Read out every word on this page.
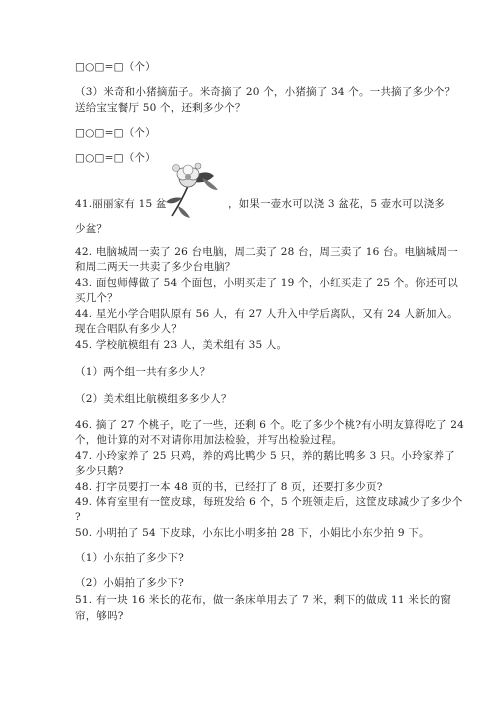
□○□=□（个）
（3）米奇和小猪摘茄子。米奇摘了 20 个，小猪摘了 34 个。一共摘了多少个？
送给宝宝餐厅 50 个，还剩多少个？
□○□=□（个）
□○□=□（个）
41.丽丽家有 15 盆	，如果一壶水可以浇 3 盆花，5 壶水可以浇多
少盆？
42. 电脑城周一卖了 26 台电脑，周二卖了 28 台，周三卖了 16 台。电脑城周一
和周二两天一共卖了多少台电脑？
43. 面包师傅做了 54 个面包，小明买走了 19 个，小红买走了 25 个。你还可以
买几个？
44. 星光小学合唱队原有 56 人，有 27 人升入中学后离队，又有 24 人新加入。
现在合唱队有多少人？
45. 学校航模组有 23 人，美术组有 35 人。
（1）两个组一共有多少人？
（2）美术组比航模组多多少人？
46. 摘了 27 个桃子，吃了一些，还剩 6 个。吃了多少个桃?有小明友算得吃了 24
个，他计算的对不对请你用加法检验，并写出检验过程。
47. 小玲家养了 25 只鸡，养的鸡比鸭少 5 只，养的鹅比鸭多 3 只。小玲家养了
多少只鹅?
48. 打字员要打一本 48 页的书，已经打了 8 页，还要打多少页?
49. 体育室里有一筐皮球，每班发给 6 个，5 个班领走后，这筐皮球减少了多少个
?
50. 小明拍了 54 下皮球，小东比小明多拍 28 下，小娟比小东少拍 9 下。
（1）小东拍了多少下?
（2）小娟拍了多少下?
51. 有一块 16 米长的花布，做一条床单用去了 7 米，剩下的做成 11 米长的窗
帘，够吗?
